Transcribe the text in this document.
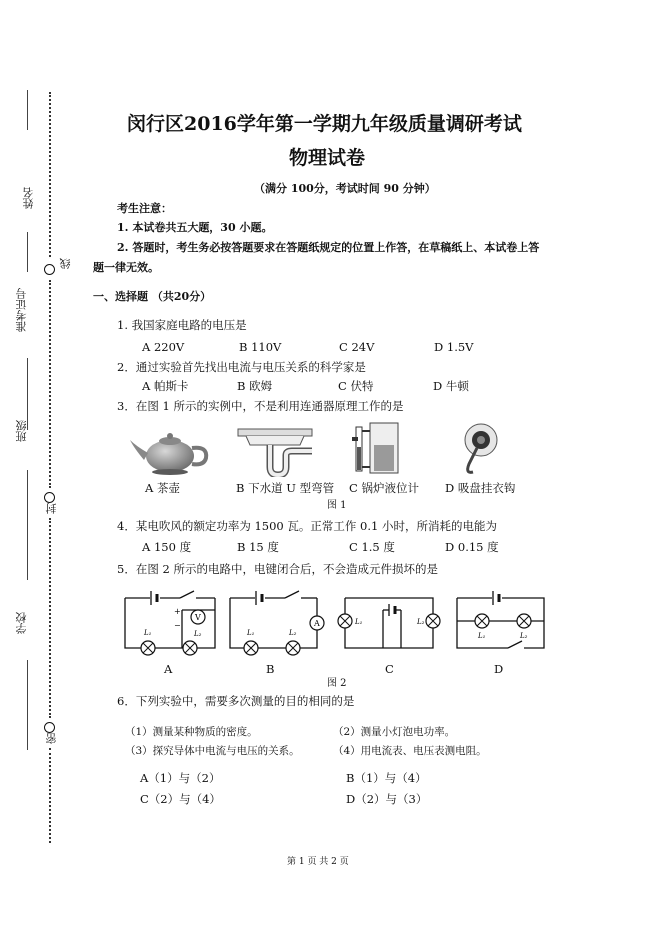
姓名
准考证号
班级
学校
线
封
密
闵行区2016学年第一学期九年级质量调研考试
物理试卷
（满分 100分，考试时间 90 分钟）
考生注意：
1. 本试卷共五大题，30 小题。
2. 答题时，考生务必按答题要求在答题纸规定的位置上作答，在草稿纸上、本试卷上答
题一律无效。
一、选择题 （共20分）
1. 我国家庭电路的电压是
A 220V	B 110V	C 24V	D 1.5V
2．通过实验首先找出电流与电压关系的科学家是
A 帕斯卡	B 欧姆	C 伏特	D 牛顿
3．在图 1 所示的实例中，不是利用连通器原理工作的是
A 茶壶	B 下水道 U 型弯管 C 锅炉液位计 D 吸盘挂衣钩
图 1
4．某电吹风的额定功率为 1500 瓦。正常工作 0.1 小时，所消耗的电能为
A 150 度	B 15 度	C 1.5 度	D 0.15 度
5．在图 2 所示的电路中，电键闭合后，不会造成元件损坏的是
V
+
−
L₁	L₂
A
L₁	L₂
L₁	L₂
L₁	L₂
A	B	C	D
图 2
6．下列实验中，需要多次测量的目的相同的是
（1）测量某种物质的密度。	（2）测量小灯泡电功率。
（3）探究导体中电流与电压的关系。	（4）用电流表、电压表测电阻。
A（1）与（2）	B（1）与（4）
C（2）与（4）	D（2）与（3）
第 1 页 共 2 页
